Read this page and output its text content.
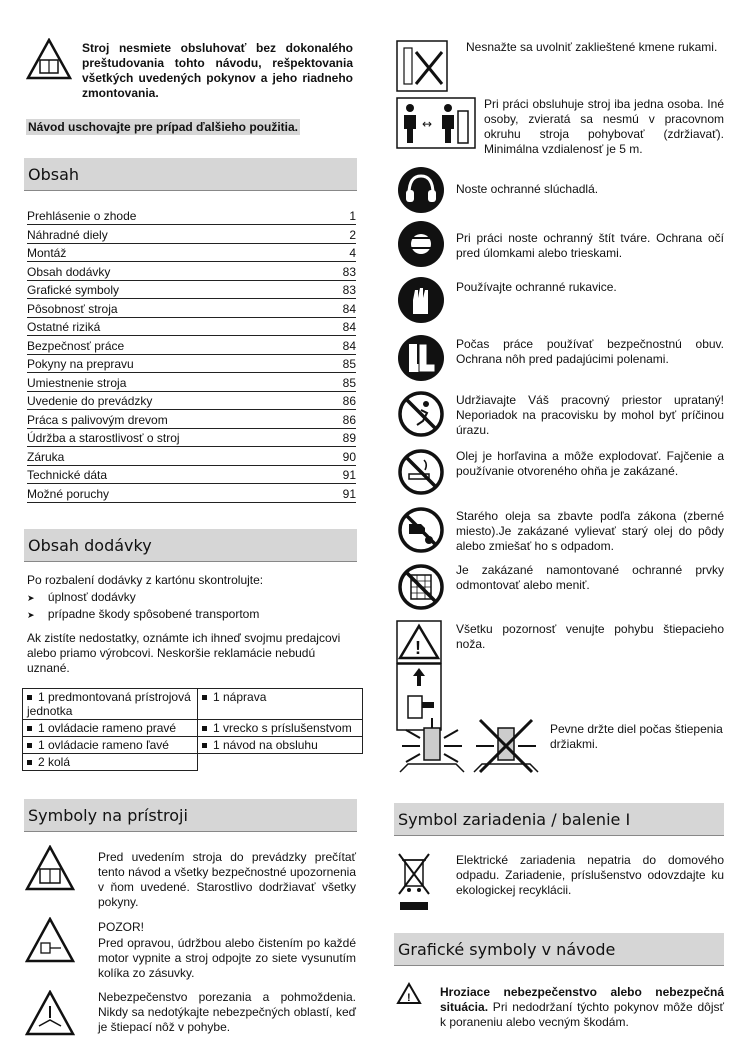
Stroj nesmiete obsluhovať bez dokonalého preštudovania tohto návodu, rešpektovania všetkých uvedených pokynov a jeho riadneho zmontovania.
Návod uschovajte pre prípad ďalšieho použitia.
Obsah
Prehlásenie o zhode	1
Náhradné diely	2
Montáž	4
Obsah dodávky	83
Grafické symboly	83
Pôsobnosť stroja	84
Ostatné riziká	84
Bezpečnosť práce	84
Pokyny na prepravu	85
Umiestnenie stroja	85
Uvedenie do prevádzky	86
Práca s palivovým drevom	86
Údržba a starostlivosť o stroj	89
Záruka	90
Technické dáta	91
Možné poruchy	91
Obsah dodávky
Po rozbalení dodávky z kartónu skontrolujte:
➤ úplnosť dodávky
➤ prípadne škody spôsobené transportom
Ak zistíte nedostatky, oznámte ich ihneď svojmu predajcovi alebo priamo výrobcovi. Neskoršie reklamácie nebudú uznané.
1 predmontovaná prístrojová jednotka	1 náprava
1 ovládacie rameno pravé	1 vrecko s príslušenstvom
1 ovládacie rameno ľavé	1 návod na obsluhu
2 kolá	
Symboly na prístroji
Pred uvedením stroja do prevádzky prečítať tento návod a všetky bezpečnostné upozornenia v ňom uvedené. Starostlivo dodržiavať všetky pokyny.
POZOR!
Pred opravou, údržbou alebo čistením po každé motor vypnite a stroj odpojte zo siete vysunutím kolíka zo zásuvky.
Nebezpečenstvo porezania a pohmoždenia. Nikdy sa nedotýkajte nebezpečných oblastí, keď je štiepací nôž v pohybe.
Nesnažte sa uvolniť zaklieštené kmene rukami.
↔
Pri práci obsluhuje stroj iba jedna osoba. Iné osoby, zvieratá sa nesmú v pracovnom okruhu stroja pohybovať (zdržiavať). Minimálna vzdialenosť je 5 m.
Noste ochranné slúchadlá.
Pri práci noste ochranný štít tváre. Ochrana očí pred úlomkami alebo trieskami.
Používajte ochranné rukavice.
Počas práce používať bezpečnostnú obuv. Ochrana nôh pred padajúcimi polenami.
Udržiavajte Váš pracovný priestor uprataný! Neporiadok na pracovisku by mohol byť príčinou úrazu.
Olej je horľavina a môže explodovať. Fajčenie a používanie otvoreného ohňa je zakázané.
Starého oleja sa zbavte podľa zákona (zberné miesto).Je zakázané vylievať starý olej do pôdy alebo zmiešať ho s odpadom.
Je zakázané namontované ochranné prvky odmontovať alebo meniť.
!
Všetku pozornosť venujte pohybu štiepacieho noža.
Pevne držte diel počas štiepenia držiakmi.
Symbol zariadenia / balenie I
Elektrické zariadenia nepatria do domového odpadu. Zariadenie, príslušenstvo odovzdajte ku ekologickej recyklácii.
Grafické symboly v návode
! Hroziace nebezpečenstvo alebo nebezpečná situácia. Pri nedodržaní týchto pokynov môže dôjsť k poraneniu alebo vecným škodám.
